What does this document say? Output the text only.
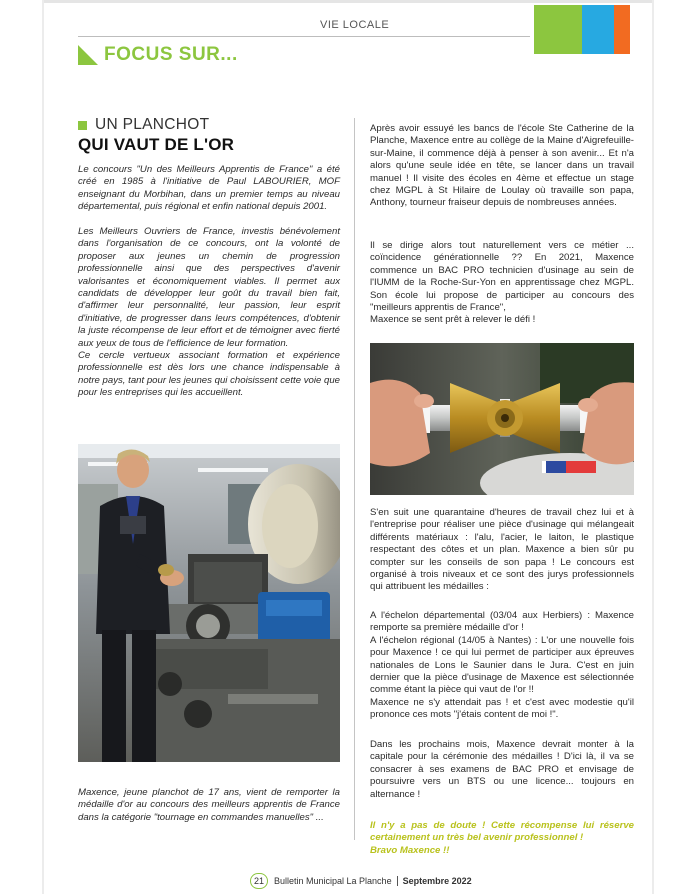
VIE LOCALE
FOCUS SUR...
UN PLANCHOT
QUI VAUT DE L'OR

Le concours "Un des Meilleurs Apprentis de France" a été créé en 1985 à l'initiative de Paul LABOURIER, MOF enseignant du Morbihan, dans un premier temps au niveau départemental, puis régional et enfin national depuis 2001.

Les Meilleurs Ouvriers de France, investis bénévolement dans l'organisation de ce concours, ont la volonté de proposer aux jeunes un chemin de progression professionnelle ainsi que des perspectives d'avenir valorisantes et économiquement viables. Il permet aux candidats de développer leur goût du travail bien fait, d'affirmer leur personnalité, leur passion, leur esprit d'initiative, de progresser dans leurs compétences, d'obtenir la juste récompense de leur effort et de témoigner avec fierté aux yeux de tous de l'efficience de leur formation.

Ce cercle vertueux associant formation et expérience professionnelle est dès lors une chance indispensable à notre pays, tant pour les jeunes qui choisissent cette voie que pour les entreprises qui les accueillent.

Maxence, jeune planchot de 17 ans, vient de remporter la médaille d'or au concours des meilleurs apprentis de France dans la catégorie "tournage en commandes manuelles" ...

Après avoir essuyé les bancs de l'école Ste Catherine de la Planche, Maxence entre au collège de la Maine d'Aigrefeuille-sur-Maine, il commence déjà à penser à son avenir... Et n'a alors qu'une seule idée en tête, se lancer dans un travail manuel ! Il visite des écoles en 4ème et effectue un stage chez MGPL à St Hilaire de Loulay où travaille son papa, Anthony, tourneur fraiseur depuis de nombreuses années.

Il se dirige alors tout naturellement vers ce métier ... coïncidence générationnelle ?? En 2021, Maxence commence un BAC PRO technicien d'usinage au sein de l'IUMM de la Roche-Sur-Yon en apprentissage chez MGPL. Son école lui propose de participer au concours des "meilleurs apprentis de France",

Maxence se sent prêt à relever le défi !

S'en suit une quarantaine d'heures de travail chez lui et à l'entreprise pour réaliser une pièce d'usinage qui mélangeait différents matériaux : l'alu, l'acier, le laiton, le plastique respectant des côtes et un plan. Maxence a bien sûr pu compter sur les conseils de son papa ! Le concours est organisé à trois niveaux et ce sont des jurys professionnels qui attribuent les médailles :

A l'échelon départemental (03/04 aux Herbiers) : Maxence remporte sa première médaille d'or !

A l'échelon régional (14/05 à Nantes) : L'or une nouvelle fois pour Maxence ! ce qui lui permet de participer aux épreuves nationales de Lons le Saunier dans le Jura. C'est en juin dernier que la pièce d'usinage de Maxence est sélectionnée comme étant la pièce qui vaut de l'or !!

Maxence ne s'y attendait pas ! et c'est avec modestie qu'il prononce ces mots "j'étais content de moi !".

Dans les prochains mois, Maxence devrait monter à la capitale pour la cérémonie des médailles ! D'ici là, il va se consacrer à ses examens de BAC PRO et envisage de poursuivre vers un BTS ou une licence... toujours en alternance !

Il n'y a pas de doute ! Cette récompense lui réserve certainement un très bel avenir professionnel !
Bravo Maxence !!
21	Bulletin Municipal La Planche Septembre 2022
